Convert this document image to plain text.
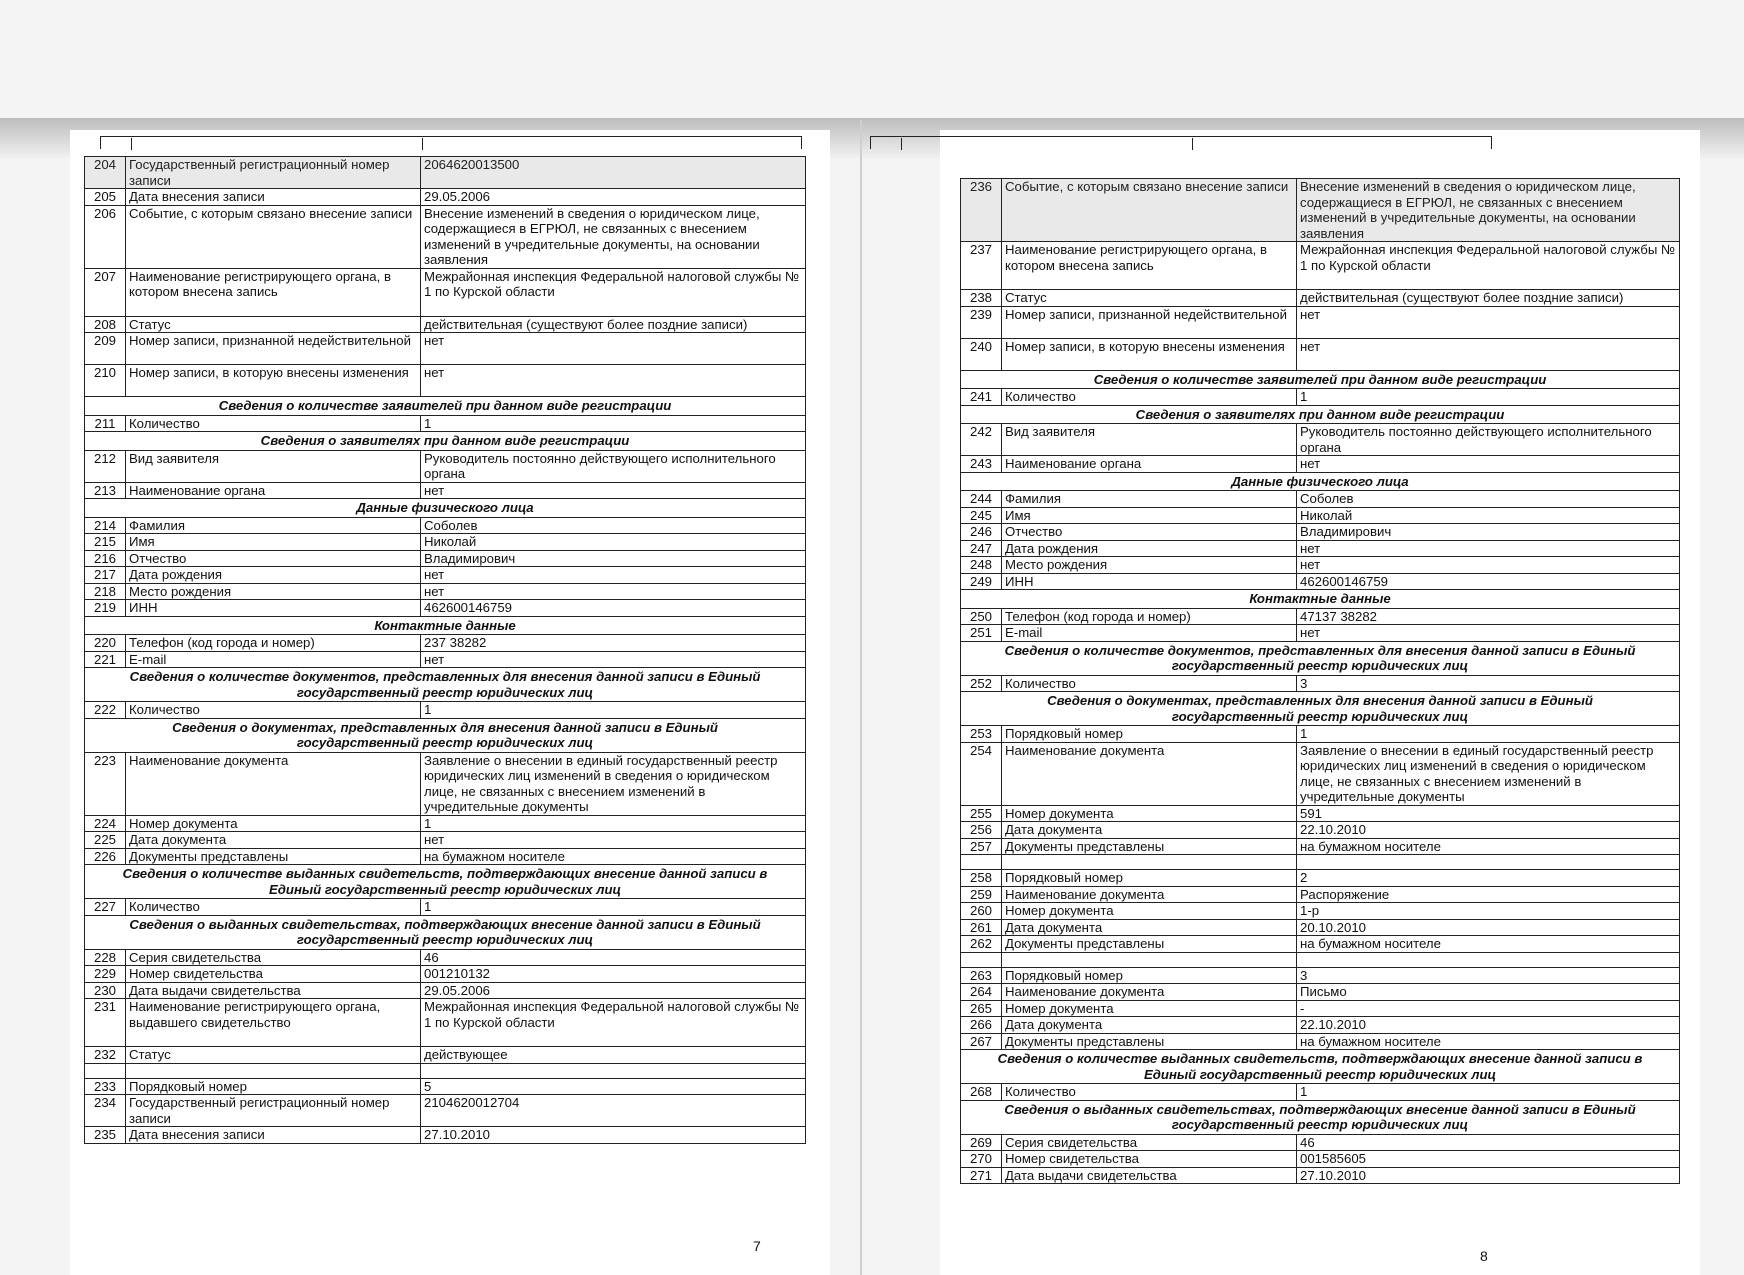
204	Государственный регистрационный номер записи	2064620013500
205	Дата внесения записи	29.05.2006
206	Событие, с которым связано внесение записи	Внесение изменений в сведения о юридическом лице, содержащиеся в ЕГРЮЛ, не связанных с внесением изменений в учредительные документы, на основании заявления
207	Наименование регистрирующего органа, в котором внесена запись	Межрайонная инспекция Федеральной налоговой службы № 1 по Курской области
208	Статус	действительная (существуют более поздние записи)
209	Номер записи, признанной недействительной	нет
210	Номер записи, в которую внесены изменения	нет
Сведения о количестве заявителей при данном виде регистрации		
211	Количество	1
Сведения о заявителях при данном виде регистрации		
212	Вид заявителя	Руководитель постоянно действующего исполнительного органа
213	Наименование органа	нет
Данные физического лица		
214	Фамилия	Соболев
215	Имя	Николай
216	Отчество	Владимирович
217	Дата рождения	нет
218	Место рождения	нет
219	ИНН	462600146759
Контактные данные		
220	Телефон (код города и номер)	237 38282
221	E-mail	нет
Сведения о количестве документов, представленных для внесения данной записи в Единый государственный реестр юридических лиц		
222	Количество	1
Сведения о документах, представленных для внесения данной записи в Единый государственный реестр юридических лиц		
223	Наименование документа	Заявление о внесении в единый государственный реестр юридических лиц изменений в сведения о юридическом лице, не связанных с внесением изменений в учредительные документы
224	Номер документа	1
225	Дата документа	нет
226	Документы представлены	на бумажном носителе
Сведения о количестве выданных свидетельств, подтверждающих внесение данной записи в Единый государственный реестр юридических лиц		
227	Количество	1
Сведения о выданных свидетельствах, подтверждающих внесение данной записи в Единый государственный реестр юридических лиц		
228	Серия свидетельства	46
229	Номер свидетельства	001210132
230	Дата выдачи свидетельства	29.05.2006
231	Наименование регистрирующего органа, выдавшего свидетельство	Межрайонная инспекция Федеральной налоговой службы № 1 по Курской области
232	Статус	действующее

233	Порядковый номер	5
234	Государственный регистрационный номер записи	2104620012704
235	Дата внесения записи	27.10.2010
7
236	Событие, с которым связано внесение записи	Внесение изменений в сведения о юридическом лице, содержащиеся в ЕГРЮЛ, не связанных с внесением изменений в учредительные документы, на основании заявления
237	Наименование регистрирующего органа, в котором внесена запись	Межрайонная инспекция Федеральной налоговой службы № 1 по Курской области
238	Статус	действительная (существуют более поздние записи)
239	Номер записи, признанной недействительной	нет
240	Номер записи, в которую внесены изменения	нет
Сведения о количестве заявителей при данном виде регистрации		
241	Количество	1
Сведения о заявителях при данном виде регистрации		
242	Вид заявителя	Руководитель постоянно действующего исполнительного органа
243	Наименование органа	нет
Данные физического лица		
244	Фамилия	Соболев
245	Имя	Николай
246	Отчество	Владимирович
247	Дата рождения	нет
248	Место рождения	нет
249	ИНН	462600146759
Контактные данные		
250	Телефон (код города и номер)	47137 38282
251	E-mail	нет
Сведения о количестве документов, представленных для внесения данной записи в Единый государственный реестр юридических лиц		
252	Количество	3
Сведения о документах, представленных для внесения данной записи в Единый государственный реестр юридических лиц		
253	Порядковый номер	1
254	Наименование документа	Заявление о внесении в единый государственный реестр юридических лиц изменений в сведения о юридическом лице, не связанных с внесением изменений в учредительные документы
255	Номер документа	591
256	Дата документа	22.10.2010
257	Документы представлены	на бумажном носителе

258	Порядковый номер	2
259	Наименование документа	Распоряжение
260	Номер документа	1-р
261	Дата документа	20.10.2010
262	Документы представлены	на бумажном носителе

263	Порядковый номер	3
264	Наименование документа	Письмо
265	Номер документа	-
266	Дата документа	22.10.2010
267	Документы представлены	на бумажном носителе
Сведения о количестве выданных свидетельств, подтверждающих внесение данной записи в Единый государственный реестр юридических лиц		
268	Количество	1
Сведения о выданных свидетельствах, подтверждающих внесение данной записи в Единый государственный реестр юридических лиц		
269	Серия свидетельства	46
270	Номер свидетельства	001585605
271	Дата выдачи свидетельства	27.10.2010
8
